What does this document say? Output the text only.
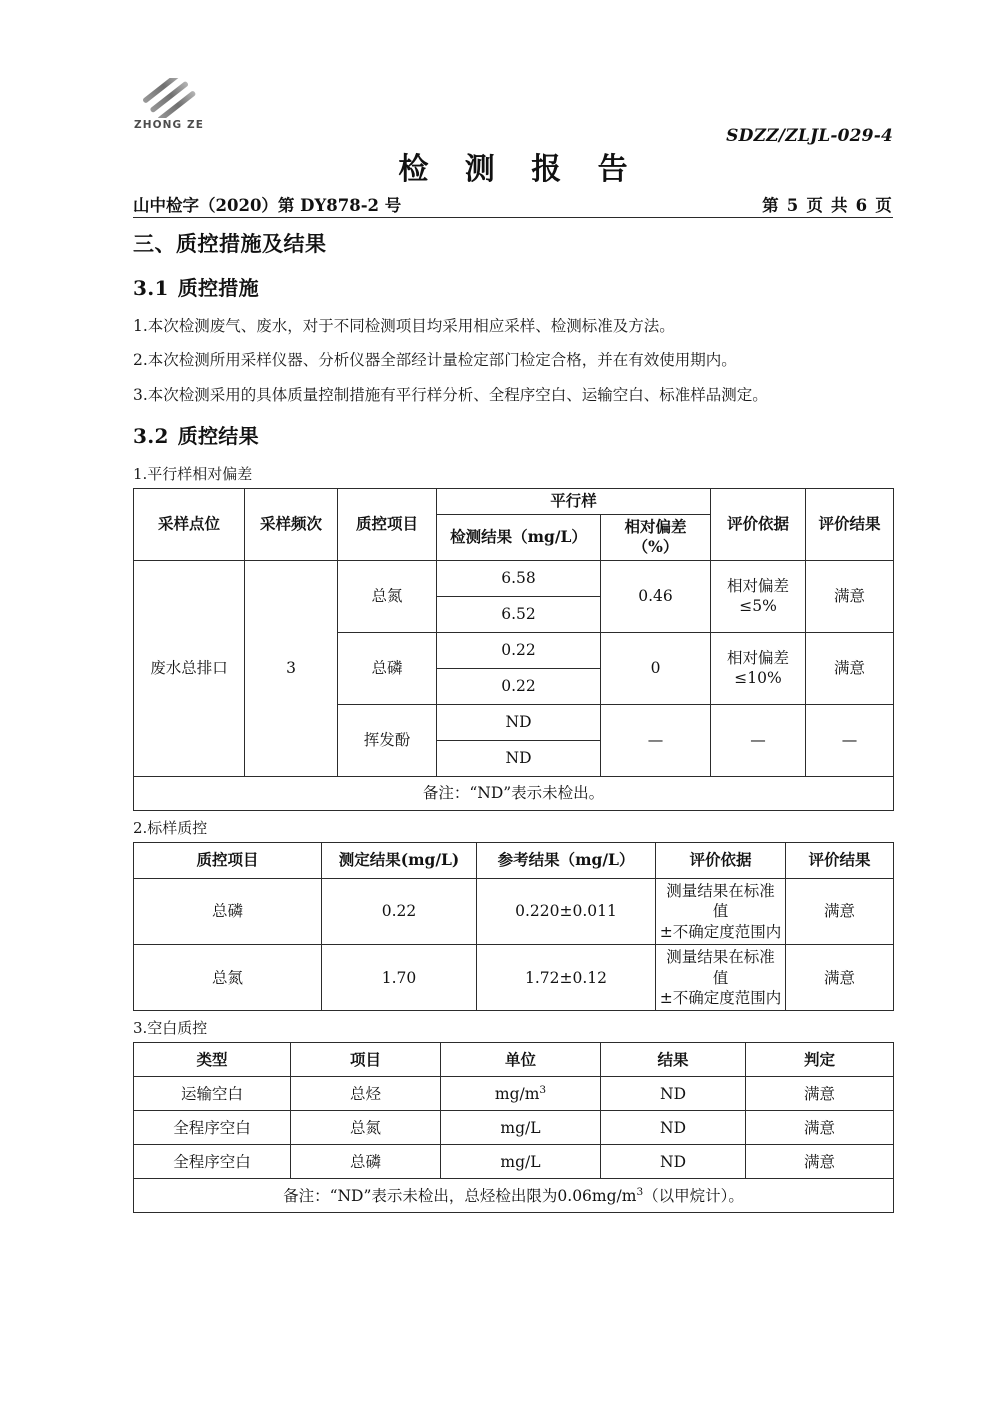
ZHONG ZE
SDZZ/ZLJL-029-4
检 测 报 告
山中检字（2020）第 DY878-2 号	第 5 页 共 6 页
三、质控措施及结果
3.1 质控措施

1.本次检测废气、废水，对于不同检测项目均采用相应采样、检测标准及方法。

2.本次检测所用采样仪器、分析仪器全部经计量检定部门检定合格，并在有效使用期内。

3.本次检测采用的具体质量控制措施有平行样分析、全程序空白、运输空白、标准样品测定。

3.2 质控结果
1.平行样相对偏差
采样点位	采样频次	质控项目	平行样		评价依据	评价结果
			检测结果（mg/L）	相对偏差
（%）		
废水总排口	3	总氮	6.58	0.46	相对偏差
≤5%	满意
			6.52			
		总磷	0.22	0	相对偏差
≤10%	满意
			0.22			
		挥发酚	ND	—	—	—
			ND			
备注：“ND”表示未检出。						
2.标样质控
质控项目	测定结果(mg/L)	参考结果（mg/L）	评价依据	评价结果
总磷	0.22	0.220±0.011	测量结果在标准值
±不确定度范围内	满意
总氮	1.70	1.72±0.12	测量结果在标准值
±不确定度范围内	满意
3.空白质控
类型	项目	单位	结果	判定
运输空白	总烃	$mg/m^3$	ND	满意
全程序空白	总氮	mg/L	ND	满意
全程序空白	总磷	mg/L	ND	满意
备注：“ND”表示未检出，总烃检出限为$0.06mg/m^3$（以甲烷计）。				
